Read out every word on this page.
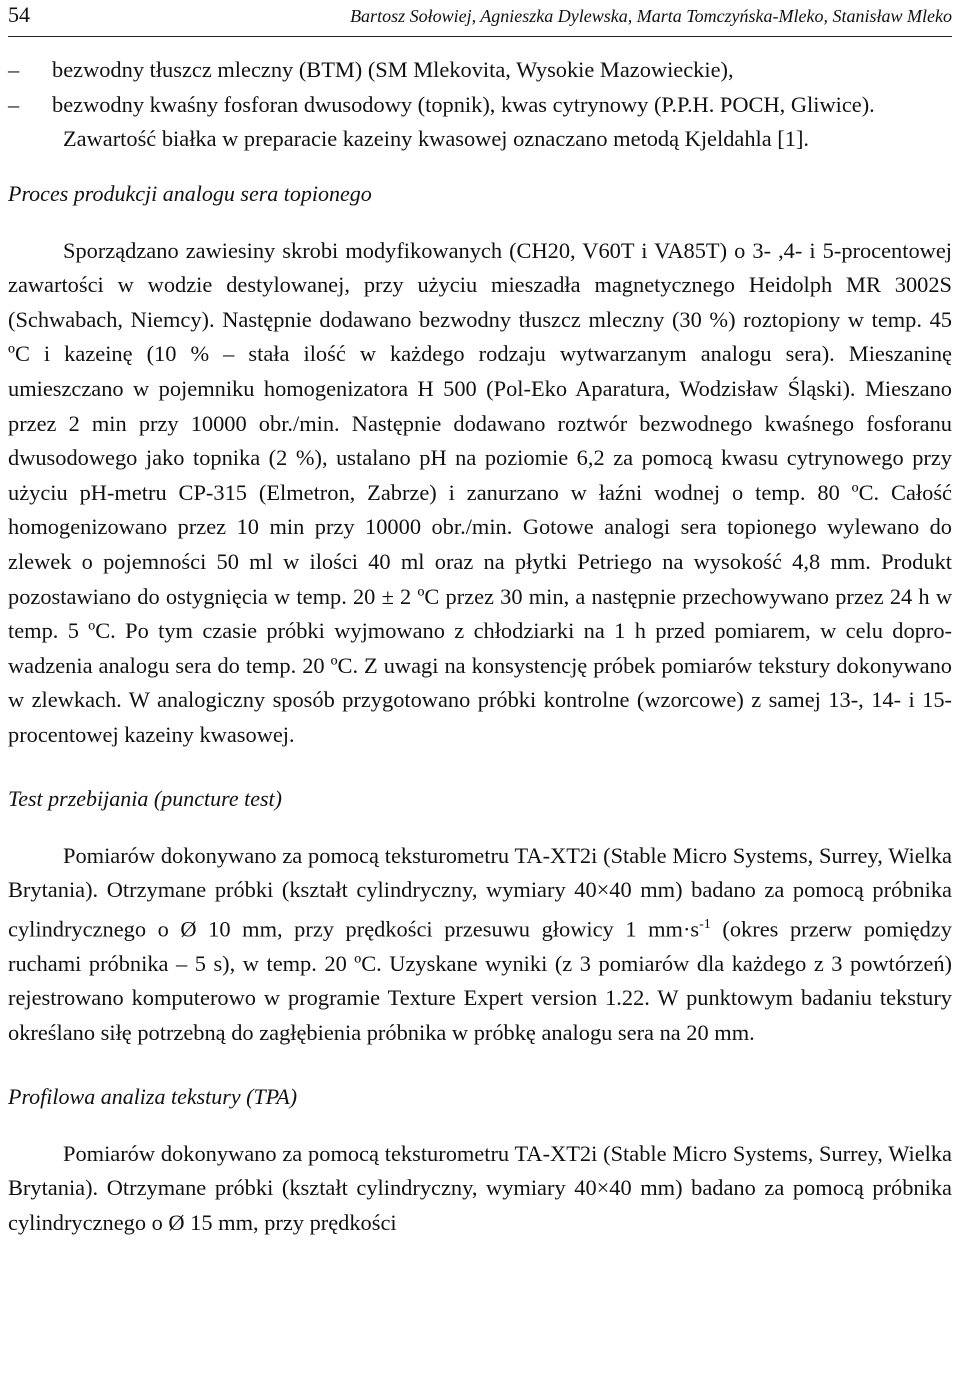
54	Bartosz Sołowiej, Agnieszka Dylewska, Marta Tomczyńska-Mleko, Stanisław Mleko
–	bezwodny tłuszcz mleczny (BTM) (SM Mlekovita, Wysokie Mazowieckie),
–	bezwodny kwaśny fosforan dwusodowy (topnik), kwas cytrynowy (P.P.H. POCH, Gliwice).

Zawartość białka w preparacie kazeiny kwasowej oznaczano metodą Kjeldahla [1].

Proces produkcji analogu sera topionego

Sporządzano zawiesiny skrobi modyfikowanych (CH20, V60T i VA85T) o 3- ,4- i 5-procentowej zawartości w wodzie destylowanej, przy użyciu mieszadła magnetycznego Heidolph MR 3002S (Schwabach, Niemcy). Następnie dodawano bezwodny tłuszcz mleczny (30 %) roztopiony w temp. 45 ºC i kazeinę (10 % – stała ilość w każdego rodzaju wytwarzanym analogu sera). Mieszaninę umieszczano w pojemniku homogenizatora H 500 (Pol-Eko Aparatura, Wodzisław Śląski). Mieszano przez 2 min przy 10000 obr./min. Następnie dodawano roztwór bezwodnego kwaśnego fosforanu dwusodowego jako topnika (2 %), ustalano pH na poziomie 6,2 za pomocą kwasu cytrynowego przy użyciu pH-metru CP-315 (Elmetron, Zabrze) i zanurzano w łaźni wodnej o temp. 80 ºC. Całość homogenizowano przez 10 min przy 10000 obr./min. Gotowe analogi sera topionego wylewano do zlewek o pojemności 50 ml w ilości 40 ml oraz na płytki Petriego na wysokość 4,8 mm. Produkt pozostawiano do ostygnięcia w temp. 20 ± 2 ºC przez 30 min, a następnie przechowywano przez 24 h w temp. 5 ºC. Po tym czasie próbki wyjmowano z chłodziarki na 1 h przed pomiarem, w celu doprowadzenia analogu sera do temp. 20 ºC. Z uwagi na konsystencję próbek pomiarów tekstury dokonywano w zlewkach. W analogiczny sposób przygotowano próbki kontrolne (wzorcowe) z samej 13-, 14- i 15-procentowej kazeiny kwasowej.

Test przebijania (puncture test)

Pomiarów dokonywano za pomocą teksturometru TA-XT2i (Stable Micro Systems, Surrey, Wielka Brytania). Otrzymane próbki (kształt cylindryczny, wymiary 40×40 mm) badano za pomocą próbnika cylindrycznego o Ø 10 mm, przy prędkości przesuwu głowicy 1 $mm\cdot s^{-1}$ (okres przerw pomiędzy ruchami próbnika – 5 s), w temp. 20 ºC. Uzyskane wyniki (z 3 pomiarów dla każdego z 3 powtórzeń) rejestrowano komputerowo w programie Texture Expert version 1.22. W punktowym badaniu tekstury określano siłę potrzebną do zagłębienia próbnika w próbkę analogu sera na 20 mm.

Profilowa analiza tekstury (TPA)

Pomiarów dokonywano za pomocą teksturometru TA-XT2i (Stable Micro Systems, Surrey, Wielka Brytania). Otrzymane próbki (kształt cylindryczny, wymiary 40×40 mm) badano za pomocą próbnika cylindrycznego o Ø 15 mm, przy prędkości
